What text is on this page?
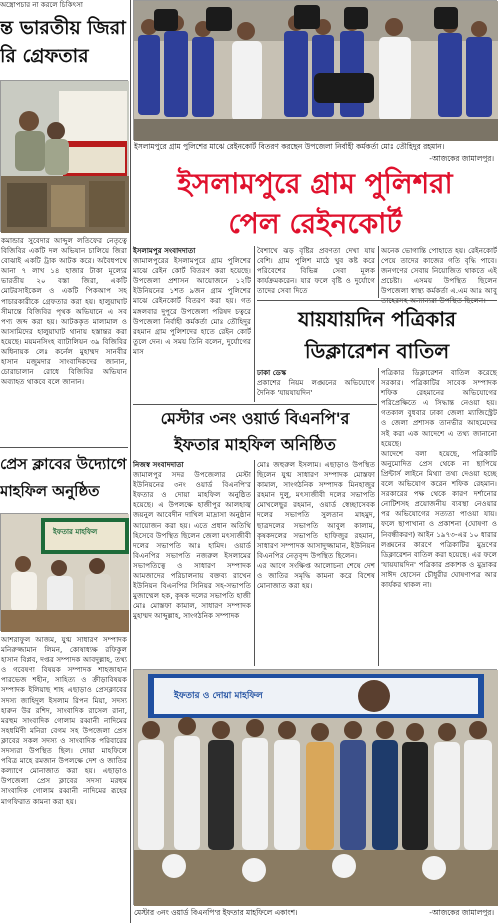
অস্ত্রোপচার না করলে চিকিৎসা
ন্ত ভারতীয় জিরা
রি গ্রেফতার
কমান্ডার সুবেদার আব্দুল লতিফের নেতৃত্বে বিজিবির একটি দল অভিযান চালিয়ে জিরা বোঝাই একটি ট্রাক আটক করে। অবৈধপথে আনা ৭ লাখ ১৪ হাজার টাকা মূল্যের ভারতীয় ২০ বস্তা জিরা, একটি মোটরসাইকেল ও একটি পিকআপ সহ পাচারকারীকে গ্রেফতার করা হয়। হালুয়াঘাট সীমান্তে বিজিবির পৃথক অভিযানে এ সব পণ্য জব্দ করা হয়। আটককৃত মালামাল ও আসামিদের হালুয়াঘাট থানায় হস্তান্তর করা হয়েছে। ময়মনসিংহ ব্যাটালিয়ন ৩৯ বিজিবির অধিনায়ক লেঃ কর্নেল মুহাম্মদ সানবীর হাসান মজুমদার সাংবাদিকদের জানান, চোরাচালান রোধে বিজিবির অভিযান অব্যাহত থাকবে বলে জানান।
প্রেস ক্লাবের উদ্যোগে
মাহফিল অনুষ্ঠিত
ইফতার মাহফিল
আশরাফুল আজম, যুগ্ম সাধারণ সম্পাদক মনিরুজ্জামান লিমন, কোষাধ্যক্ষ রফিকুল হাসান বিপ্লব, দপ্তর সম্পাদক আবদুল্লাহ, তথ্য ও গবেষণা বিষয়ক সম্পাদক শাহজাহান পারভেজ শহীন, সাহিত্য ও ক্রীড়াবিষয়ক সম্পাদক ইলিয়াছ শাহ এছাড়াও প্রেসক্লাবের সদস্য জাহিদুল ইসলাম রিপন মিয়া, সদস্য হারুন উর রশিদ, সাংবাদিক রাসেল রানা, মরহুম সাংবাদিক গোলাম রব্বানী নাদিমের সহধর্মিণী মনিরা বেগম সহ উপজেলা প্রেস ক্লাবের সকল সদস্য ও সাংবাদিক পরিবারের সদস্যরা উপস্থিত ছিল। দোয়া মাহফিলে পবিত্র মাহে রমজান উপলক্ষে দেশ ও জাতির কল্যাণে মোনাজাত করা হয়। এছাড়াও উপজেলা প্রেস ক্লাবের সদস্য মরহুম সাংবাদিক গোলাম রব্বানী নাদিমের রূহের মাগফিরাত কামনা করা হয়।
ইসলামপুরে গ্রাম পুলিশের মাঝে রেইনকোর্ট বিতরণ করছেন উপজেলা নির্বাহী কর্মকর্তা মোঃ তৌহিদুর রহমান।
-আজকের জামালপুর।
ইসলামপুরে গ্রাম পুলিশরা
পেল রেইনকোর্ট
ইসলামপুর সংবাদদাতা
জামালপুরের ইসলামপুরে গ্রাম পুলিশের মাঝে রেইন কোর্ট বিতরণ করা হয়েছে। উপজেলা প্রশাসন আয়োজনে ১২টি ইউনিয়নের ১শত ৯জন গ্রাম পুলিশের মাঝে রেইনকোর্ট বিতরণ করা হয়। গত মঙ্গলবার দুপুরে উপজেলা পরিষদ চত্বরে উপজেলা নির্বাহী কর্মকর্তা মোঃ তৌহিদুর রহমান গ্রাম পুলিশদের হাতে রেইন কোর্ট তুলে দেন। এ সময় তিনি বলেন, দুর্যোগের মাস
বৈশাখে ঝড় বৃষ্টির প্রবণতা দেখা যায় বেশি। গ্রাম পুলিশ মাঠে খুব কষ্ট করে পরিবেশের বিভিন্ন সেবা মূলক কার্যক্রমকরেন। যার ফলে বৃষ্টি ও দুর্যোগে তাদের সেবা দিতে
অনেক ভোগান্তি পোহাতে হয়। রেইনকোর্ট পেয়ে তাদের কাজের গতি বৃদ্ধি পাবে। জনগণের সেবায় নিয়োজিত থাকতে এই প্রচেষ্টা। এসময় উপস্থিত ছিলেন উপজেলা স্বাস্থ্য কর্মকর্তা এ.এম আঃ আবু
যায়যায়দিন পত্রিকার
ডিক্লারেশন বাতিল
ঢাকা ডেস্ক
প্রকাশের নিয়ম লঙ্ঘনের অভিযোগে দৈনিক 'যায়যায়দিন'
পত্রিকার ডিক্লারেশন বাতিল করেছে সরকার। পত্রিকাটির সাবেক সম্পাদক শফিক রেহমানের অভিযোগের পরিপ্রেক্ষিতে এ সিদ্ধান্ত নেওয়া হয়। গতকাল বুধবার ঢাকা জেলা ম্যাজিস্ট্রেট ও জেলা প্রশাসক তানভীর আহমেদের সই করা এক আদেশে এ তথ্য জানানো হয়েছে।
আদেশে বলা হয়েছে, পত্রিকাটি অনুমোদিত প্রেস থেকে না ছাপিয়ে প্রিন্টার্স লাইনে মিথ্যা তথ্য দেওয়া হচ্ছে বলে অভিযোগ করেন শফিক রেহমান। সরকারের পক্ষ থেকে কারণ দর্শানোর নোটিশসহ প্রয়োজনীয় ব্যবস্থা নেওয়ার পর অভিযোগের সত্যতা পাওয়া যায়। ফলে ছাপাখানা ও প্রকাশনা (ঘোষণা ও নিবন্ধীকরণ) আইন ১৯৭৩-এর ১০ ধারার লঙ্ঘনের কারণে পত্রিকাটির মুদ্রণের ডিক্লারেশন বাতিল করা হয়েছে। এর ফলে 'যায়যায়দিন' পত্রিকার প্রকাশক ও মুদ্রাকর সাঈদ হোসেন চৌধুরীর ঘোষণাপত্র আর কার্যকর থাকল না।
মেস্টার ৩নং ওয়ার্ড বিএনপি'র
ইফতার মাহফিল অনিষ্ঠিত
নিজস্ব সংবাদদাতা
জামালপুর সদর উপজেলার মেস্টা ইউনিয়নের ৩নং ওয়ার্ড বিএনপি'র ইফতার ও দোয়া মাহফিল অনুষ্ঠিত হয়েছে। এ উপলক্ষে হাজীপুর আলহাজ্ব জয়নুল আবেদীন দাখিল মাদ্রাসা অনুষ্ঠান আয়োজন করা হয়। এতে প্রধান অতিথি হিসেবে উপস্থিত ছিলেন জেলা মৎস্যজীবী দলের সভাপতি আঃ হামিদ। ওয়ার্ড বিএনপির সভাপতি নজরুল ইসলামের সভাপতিত্বে ও সাধারণ সম্পাদক আমজাদের পরিচালনায় বক্তব্য রাখেন ইউনিয়ন বিএনপির সিনিয়র সহ-সভাপতি মুজাম্মেল হক, কৃষক দলের সভাপতি হাজী মোঃ মোস্তফা কামাল, সাধারণ সম্পাদক মুহাম্মদ আব্দুল্লাহ, সাংগঠনিক সম্পাদক
মোঃ জহুরুল ইসলাম। এছাড়াও উপস্থিত ছিলেন যুগ্ম সাধারণ সম্পাদক মোস্তফা কামাল, সাংগঠনিক সম্পাদক মিনহাজুর রহমান দুলু, মৎস্যজীবী দলের সভাপতি মোখলেছুর রহমান, ওয়ার্ড স্বেচ্ছাসেবক দলের সভাপতি সুলতান মাহমুদ, ছাত্রদলের সভাপতি আবুল কালাম, কৃষকদলের সভাপতি হাফিজুর রহমান, সাধারণ সম্পাদক আসাদুজ্জামান, ইউনিয়ন বিএনপির নেতৃবৃন্দ উপস্থিত ছিলেন।
এর আগে সংক্ষিপ্ত আলোচনা শেষে দেশ ও জাতির সমৃদ্ধি কামনা করে বিশেষ মোনাজাত করা হয়।
ইফতার ও দোয়া মাহফিল
মেস্টার ৩নং ওয়ার্ড বিএনপি'র ইফতার মাহফিলে একাংশ।	-আজকের জামালপুর।
